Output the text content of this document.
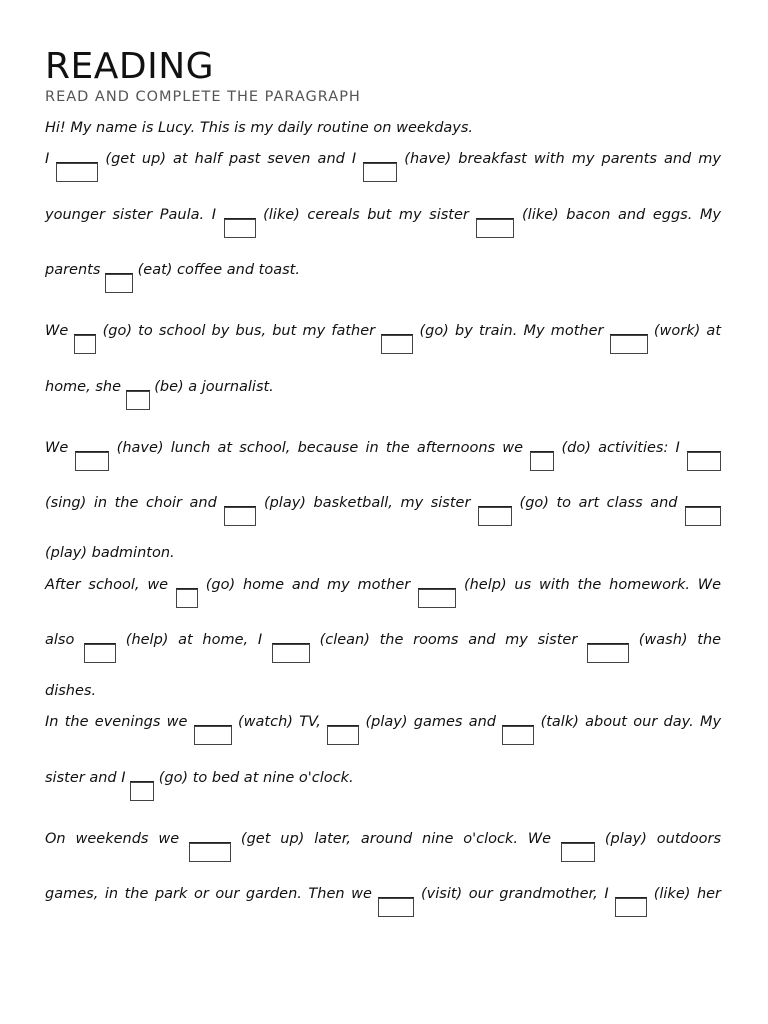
READING
READ AND COMPLETE THE PARAGRAPH

Hi! My name is Lucy. This is my daily routine on weekdays.

I	(get up) at half past seven and I	(have) breakfast with my parents and my

younger sister Paula. I	(like) cereals but my sister	(like) bacon and eggs. My

parents	(eat) coffee and toast.

We (go) to school by bus, but my father	(go) by train. My mother	(work) at

home, she (be) a journalist.

We	(have) lunch at school, because in the afternoons we	(do) activities: I

(sing) in the choir and	(play) basketball, my sister	(go) to art class and

(play) badminton.

After school, we	(go) home and my mother	(help) us with the homework. We

also	(help) at home, I	(clean) the rooms and my sister	(wash) the

dishes.

In the evenings we	(watch) TV,	(play) games and	(talk) about our day. My

sister and I (go) to bed at nine o'clock.

On weekends we	(get up) later, around nine o'clock. We	(play) outdoors

games, in the park or our garden. Then we	(visit) our grandmother, I	(like) her
